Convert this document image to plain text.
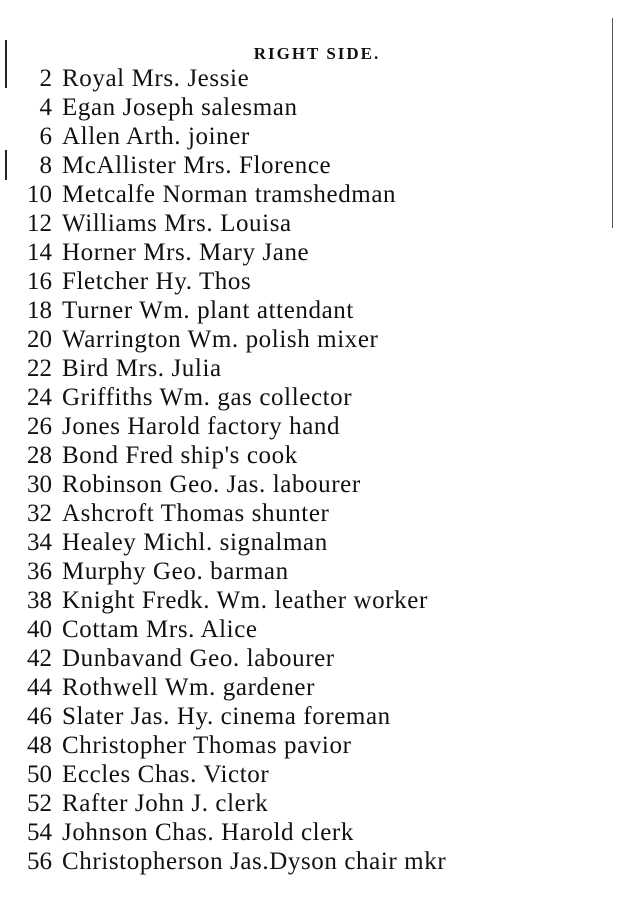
RIGHT SIDE.
2 Royal Mrs. Jessie
4 Egan Joseph salesman
6 Allen Arth. joiner
8 McAllister Mrs. Florence
10 Metcalfe Norman tramshedman
12 Williams Mrs. Louisa
14 Horner Mrs. Mary Jane
16 Fletcher Hy. Thos
18 Turner Wm. plant attendant
20 Warrington Wm. polish mixer
22 Bird Mrs. Julia
24 Griffiths Wm. gas collector
26 Jones Harold factory hand
28 Bond Fred ship's cook
30 Robinson Geo. Jas. labourer
32 Ashcroft Thomas shunter
34 Healey Michl. signalman
36 Murphy Geo. barman
38 Knight Fredk. Wm. leather worker
40 Cottam Mrs. Alice
42 Dunbavand Geo. labourer
44 Rothwell Wm. gardener
46 Slater Jas. Hy. cinema foreman
48 Christopher Thomas pavior
50 Eccles Chas. Victor
52 Rafter John J. clerk
54 Johnson Chas. Harold clerk
56 Christopherson Jas.Dyson chair mkr
